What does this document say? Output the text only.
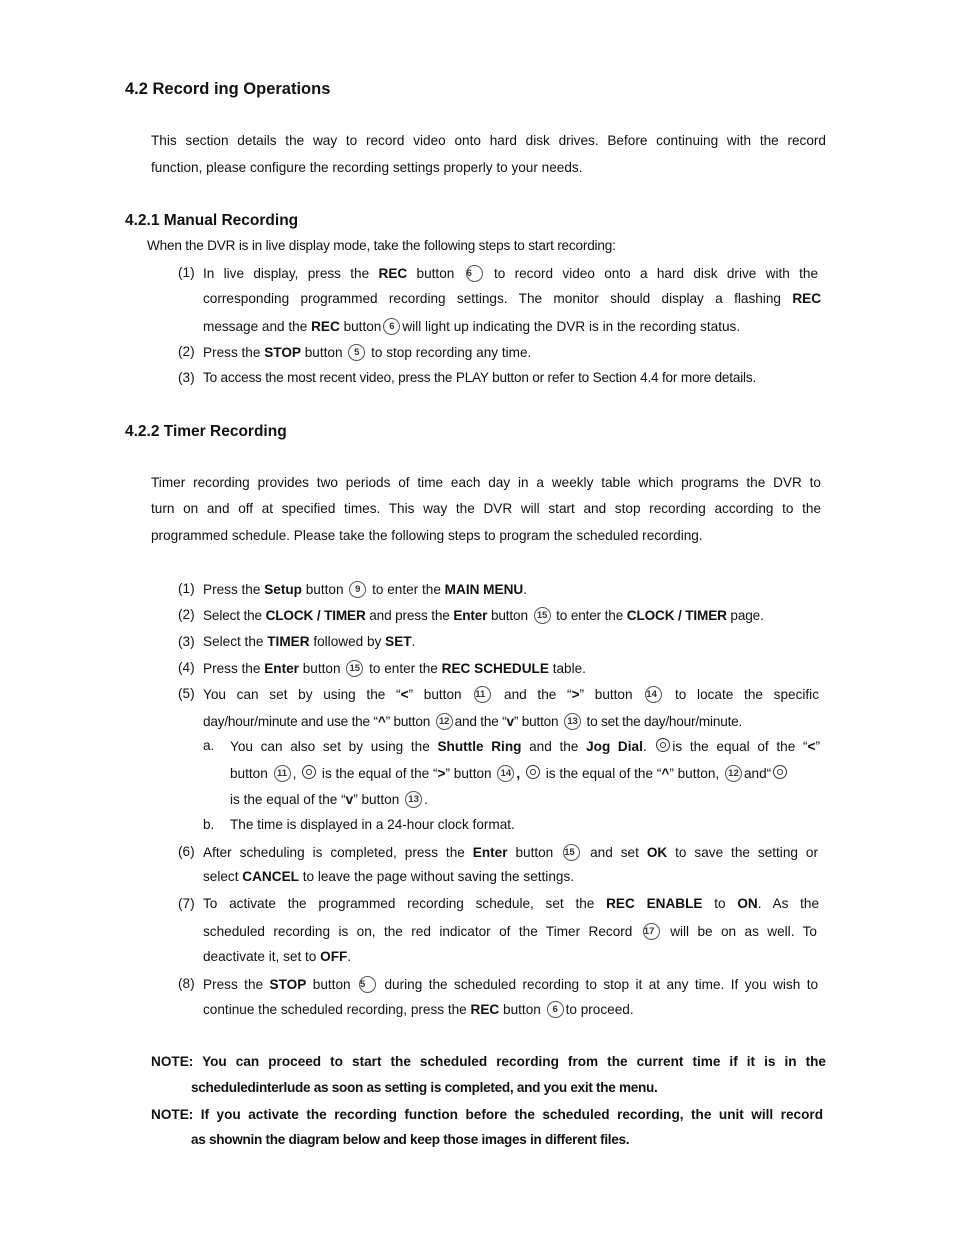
4.2 Record ing Operations
This section details the way to record video onto hard disk drives. Before continuing with the record
function, please configure the recording settings properly to your needs.
4.2.1 Manual Recording
When the DVR is in live display mode, take the following steps to start recording:
(1) In live display, press the REC button 6 to record video onto a hard disk drive with the
corresponding programmed recording settings. The monitor should display a flashing REC
message and the REC button 6 will light up indicating the DVR is in the recording status.
(2) Press the STOP button 5 to stop recording any time.
(3) To access the most recent video, press the PLAY button or refer to Section 4.4 for more details.
4.2.2 Timer Recording
Timer recording provides two periods of time each day in a weekly table which programs the DVR to
turn on and off at specified times. This way the DVR will start and stop recording according to the
programmed schedule. Please take the following steps to program the scheduled recording.
(1) Press the Setup button 9 to enter the MAIN MENU.
(2) Select the CLOCK / TIMER and press the Enter button 15 to enter the CLOCK / TIMER page.
(3) Select the TIMER followed by SET.
(4) Press the Enter button 15 to enter the REC SCHEDULE table.
(5) You can set by using the “<” button 11 and the “>” button 14 to locate the specific
day/hour/minute and use the “^” button 12 and the “v” button 13 to set the day/hour/minute.
a. You can also set by using the Shuttle Ring and the Jog Dial. is the equal of the “<”
button 11 , is the equal of the “>” button 14 , is the equal of the “^” button, 12 and“
is the equal of the “v” button 13 .
b. The time is displayed in a 24-hour clock format.
(6) After scheduling is completed, press the Enter button 15 and set OK to save the setting or
select CANCEL to leave the page without saving the settings.
(7) To activate the programmed recording schedule, set the REC ENABLE to ON. As the
scheduled recording is on, the red indicator of the Timer Record 17 will be on as well. To
deactivate it, set to OFF.
(8) Press the STOP button 5 during the scheduled recording to stop it at any time. If you wish to
continue the scheduled recording, press the REC button 6 to proceed.
NOTE: You can proceed to start the scheduled recording from the current time if it is in the
scheduledinterlude as soon as setting is completed, and you exit the menu.
NOTE: If you activate the recording function before the scheduled recording, the unit will record
as shownin the diagram below and keep those images in different files.
